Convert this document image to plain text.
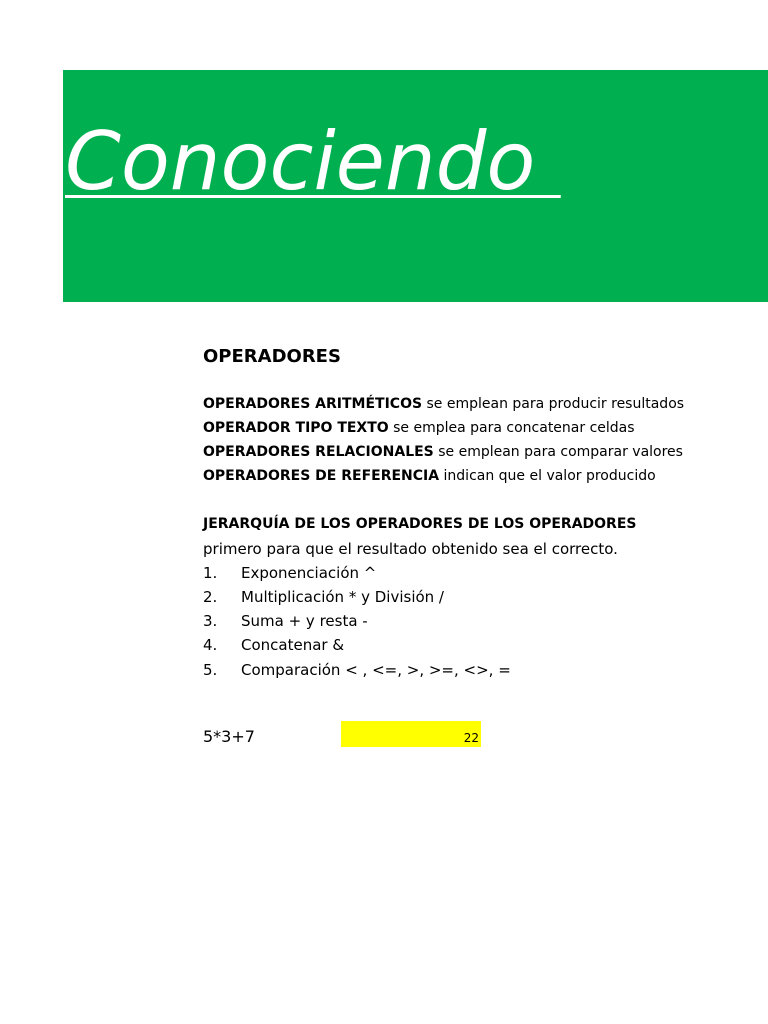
Conociendo
OPERADORES
OPERADORES ARITMÉTICOS se emplean para producir resultados
OPERADOR TIPO TEXTO se emplea para concatenar celdas
OPERADORES RELACIONALES se emplean para comparar valores
OPERADORES DE REFERENCIA indican que el valor producido
JERARQUÍA DE LOS OPERADORES DE LOS OPERADORES
primero para que el resultado obtenido sea el correcto.
1. Exponenciación ^
2. Multiplicación * y División /
3. Suma + y resta -
4. Concatenar &
5. Comparación < , <=, >, >=, <>, =
5*3+7	22
